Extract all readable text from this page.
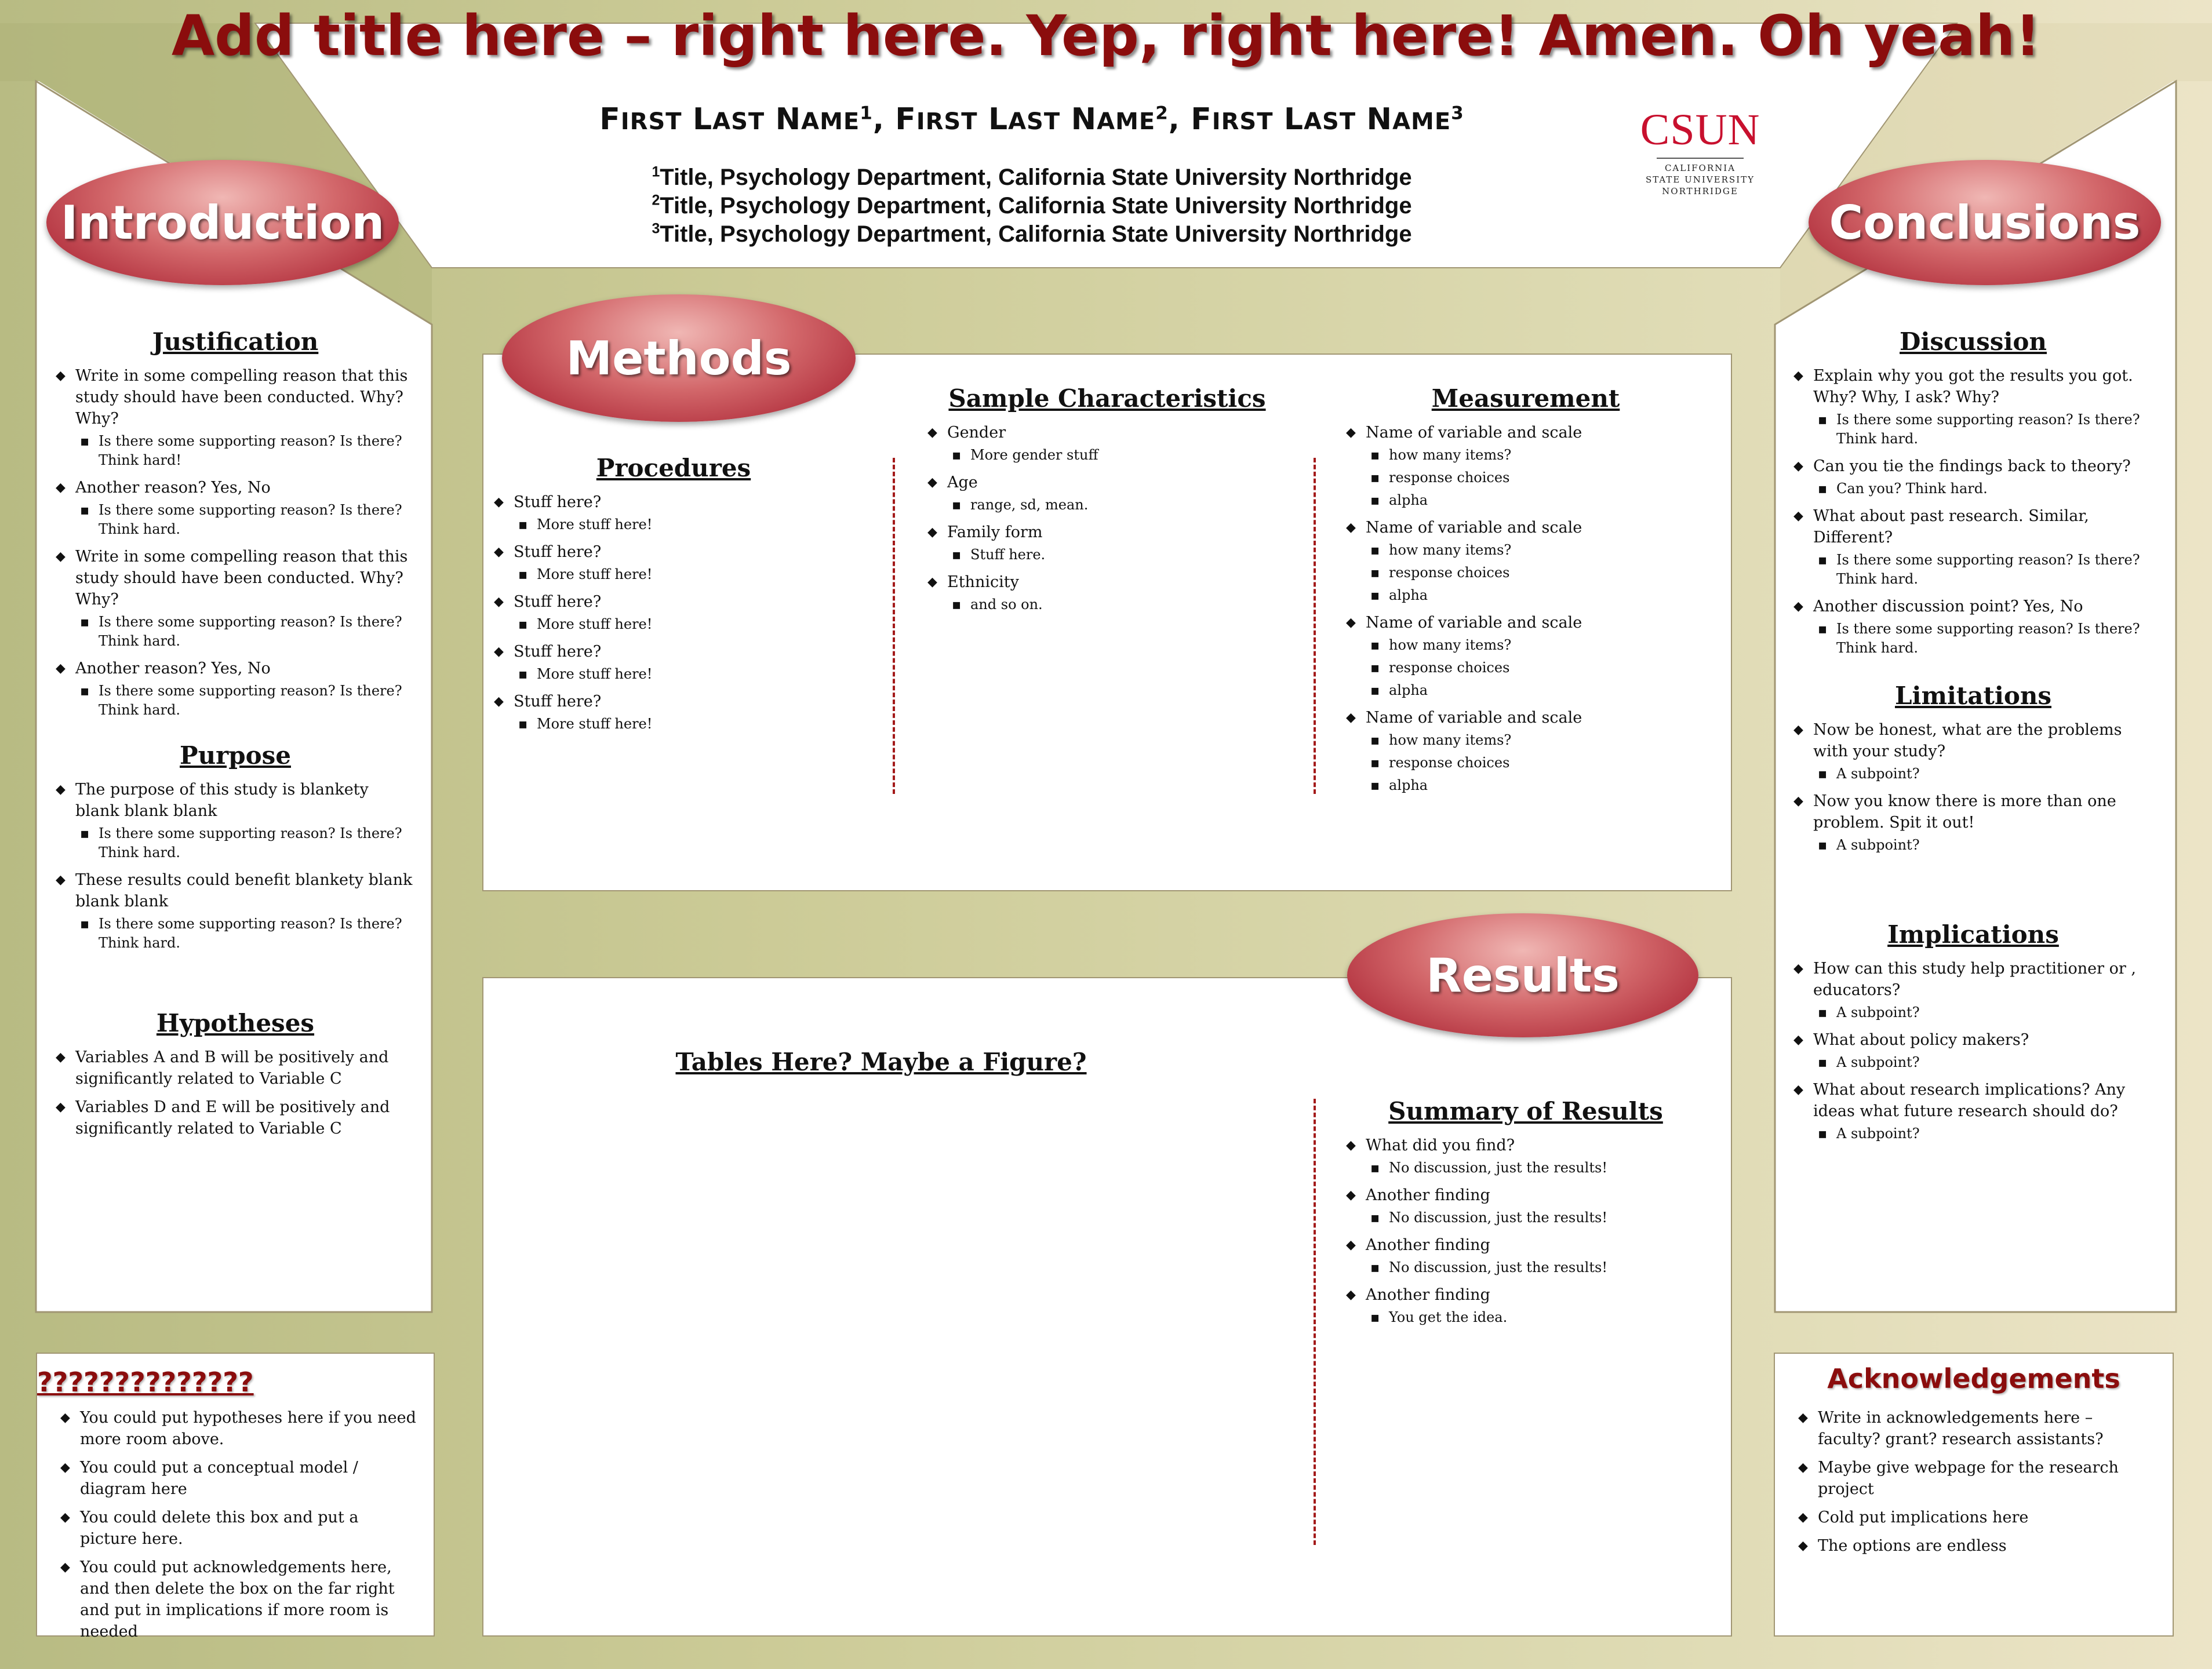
Add title here – right here. Yep, right here! Amen. Oh yeah!
FIRST LAST NAME$^1$, FIRST LAST NAME$^2$, FIRST LAST NAME$^3$
$^1$Title, Psychology Department, California State University Northridge
$^2$Title, Psychology Department, California State University Northridge
$^3$Title, Psychology Department, California State University Northridge
CSUN
CALIFORNIA
STATE UNIVERSITY
NORTHRIDGE
Justification
◆ Write in some compelling reason that this study should have been conducted. Why? Why?
▪ Is there some supporting reason? Is there? Think hard!
◆ Another reason? Yes, No
▪ Is there some supporting reason? Is there? Think hard.
◆ Write in some compelling reason that this study should have been conducted. Why? Why?
▪ Is there some supporting reason? Is there? Think hard.
◆ Another reason? Yes, No
▪ Is there some supporting reason? Is there? Think hard.
Purpose
◆ The purpose of this study is blankety blank blank blank
▪ Is there some supporting reason? Is there? Think hard.
◆ These results could benefit blankety blank blank blank
▪ Is there some supporting reason? Is there? Think hard.
Hypotheses
◆ Variables A and B will be positively and significantly related to Variable C
◆ Variables D and E will be positively and significantly related to Variable C
Introduction
??????????????
◆ You could put hypotheses here if you need more room above.
◆ You could put a conceptual model / diagram here
◆ You could delete this box and put a picture here.
◆ You could put acknowledgements here, and then delete the box on the far right and put in implications if more room is needed
Methods
Procedures
◆ Stuff here?
▪ More stuff here!
◆ Stuff here?
▪ More stuff here!
◆ Stuff here?
▪ More stuff here!
◆ Stuff here?
▪ More stuff here!
◆ Stuff here?
▪ More stuff here!
Sample Characteristics
◆ Gender
▪ More gender stuff
◆ Age
▪ range, sd, mean.
◆ Family form
▪ Stuff here.
◆ Ethnicity
▪ and so on.
Measurement
◆ Name of variable and scale
▪ how many items?
▪ response choices
▪ alpha
◆ Name of variable and scale
▪ how many items?
▪ response choices
▪ alpha
◆ Name of variable and scale
▪ how many items?
▪ response choices
▪ alpha
◆ Name of variable and scale
▪ how many items?
▪ response choices
▪ alpha
Results
Tables Here? Maybe a Figure?
Summary of Results
◆ What did you find?
▪ No discussion, just the results!
◆ Another finding
▪ No discussion, just the results!
◆ Another finding
▪ No discussion, just the results!
◆ Another finding
▪ You get the idea.
Discussion
◆ Explain why you got the results you got. Why? Why, I ask? Why?
▪ Is there some supporting reason? Is there? Think hard.
◆ Can you tie the findings back to theory?
▪ Can you? Think hard.
◆ What about past research. Similar, Different?
▪ Is there some supporting reason? Is there? Think hard.
◆ Another discussion point? Yes, No
▪ Is there some supporting reason? Is there? Think hard.
Limitations
◆ Now be honest, what are the problems with your study?
▪ A subpoint?
◆ Now you know there is more than one problem. Spit it out!
▪ A subpoint?
Implications
◆ How can this study help practitioner or , educators?
▪ A subpoint?
◆ What about policy makers?
▪ A subpoint?
◆ What about research implications? Any ideas what future research should do?
▪ A subpoint?
Conclusions
Acknowledgements
◆ Write in acknowledgements here – faculty? grant? research assistants?
◆ Maybe give webpage for the research project
◆ Cold put implications here
◆ The options are endless
